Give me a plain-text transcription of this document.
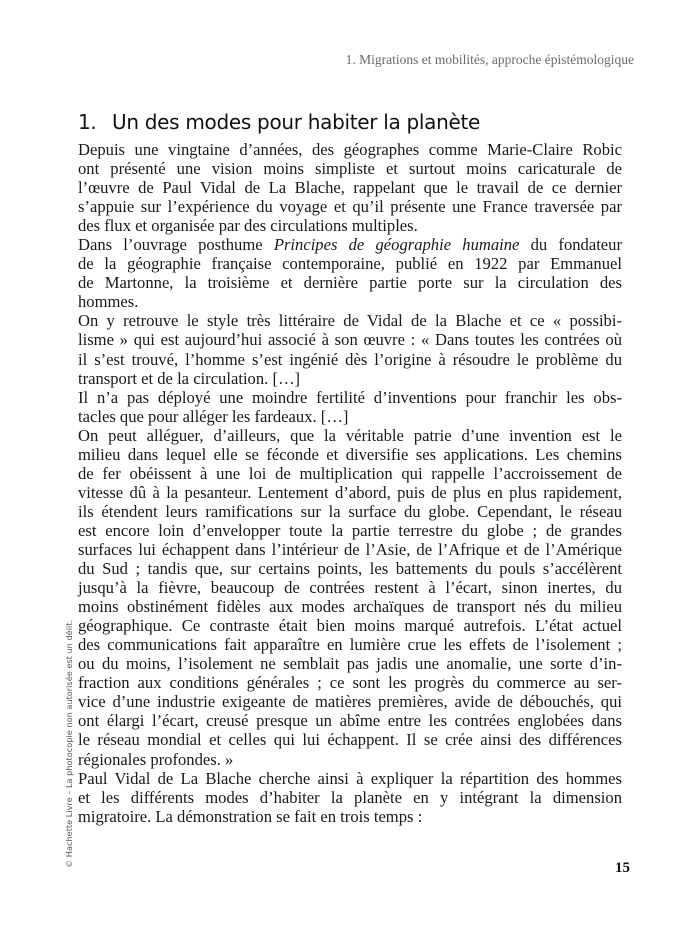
1. Migrations et mobilités, approche épistémologique
1. Un des modes pour habiter la planète
Depuis une vingtaine d’années, des géographes comme Marie-Claire Robic
ont présenté une vision moins simpliste et surtout moins caricaturale de
l’œuvre de Paul Vidal de La Blache, rappelant que le travail de ce dernier
s’appuie sur l’expérience du voyage et qu’il présente une France traversée par
des flux et organisée par des circulations multiples.
Dans l’ouvrage posthume Principes de géographie humaine du fondateur
de la géographie française contemporaine, publié en 1922 par Emmanuel
de Martonne, la troisième et dernière partie porte sur la circulation des
hommes.
On y retrouve le style très littéraire de Vidal de la Blache et ce « possibi-
lisme » qui est aujourd’hui associé à son œuvre : « Dans toutes les contrées où
il s’est trouvé, l’homme s’est ingénié dès l’origine à résoudre le problème du
transport et de la circulation. […]
Il n’a pas déployé une moindre fertilité d’inventions pour franchir les obs-
tacles que pour alléger les fardeaux. […]
On peut alléguer, d’ailleurs, que la véritable patrie d’une invention est le
milieu dans lequel elle se féconde et diversifie ses applications. Les chemins
de fer obéissent à une loi de multiplication qui rappelle l’accroissement de
vitesse dû à la pesanteur. Lentement d’abord, puis de plus en plus rapidement,
ils étendent leurs ramifications sur la surface du globe. Cependant, le réseau
est encore loin d’envelopper toute la partie terrestre du globe ; de grandes
surfaces lui échappent dans l’intérieur de l’Asie, de l’Afrique et de l’Amérique
du Sud ; tandis que, sur certains points, les battements du pouls s’accélèrent
jusqu’à la fièvre, beaucoup de contrées restent à l’écart, sinon inertes, du
moins obstinément fidèles aux modes archaïques de transport nés du milieu
géographique. Ce contraste était bien moins marqué autrefois. L’état actuel
des communications fait apparaître en lumière crue les effets de l’isolement ;
ou du moins, l’isolement ne semblait pas jadis une anomalie, une sorte d’in-
fraction aux conditions générales ; ce sont les progrès du commerce au ser-
vice d’une industrie exigeante de matières premières, avide de débouchés, qui
ont élargi l’écart, creusé presque un abîme entre les contrées englobées dans
le réseau mondial et celles qui lui échappent. Il se crée ainsi des différences
régionales profondes. »
Paul Vidal de La Blache cherche ainsi à expliquer la répartition des hommes
et les différents modes d’habiter la planète en y intégrant la dimension
migratoire. La démonstration se fait en trois temps :
© Hachette Livre – La photocopie non autorisée est un délit.	15
